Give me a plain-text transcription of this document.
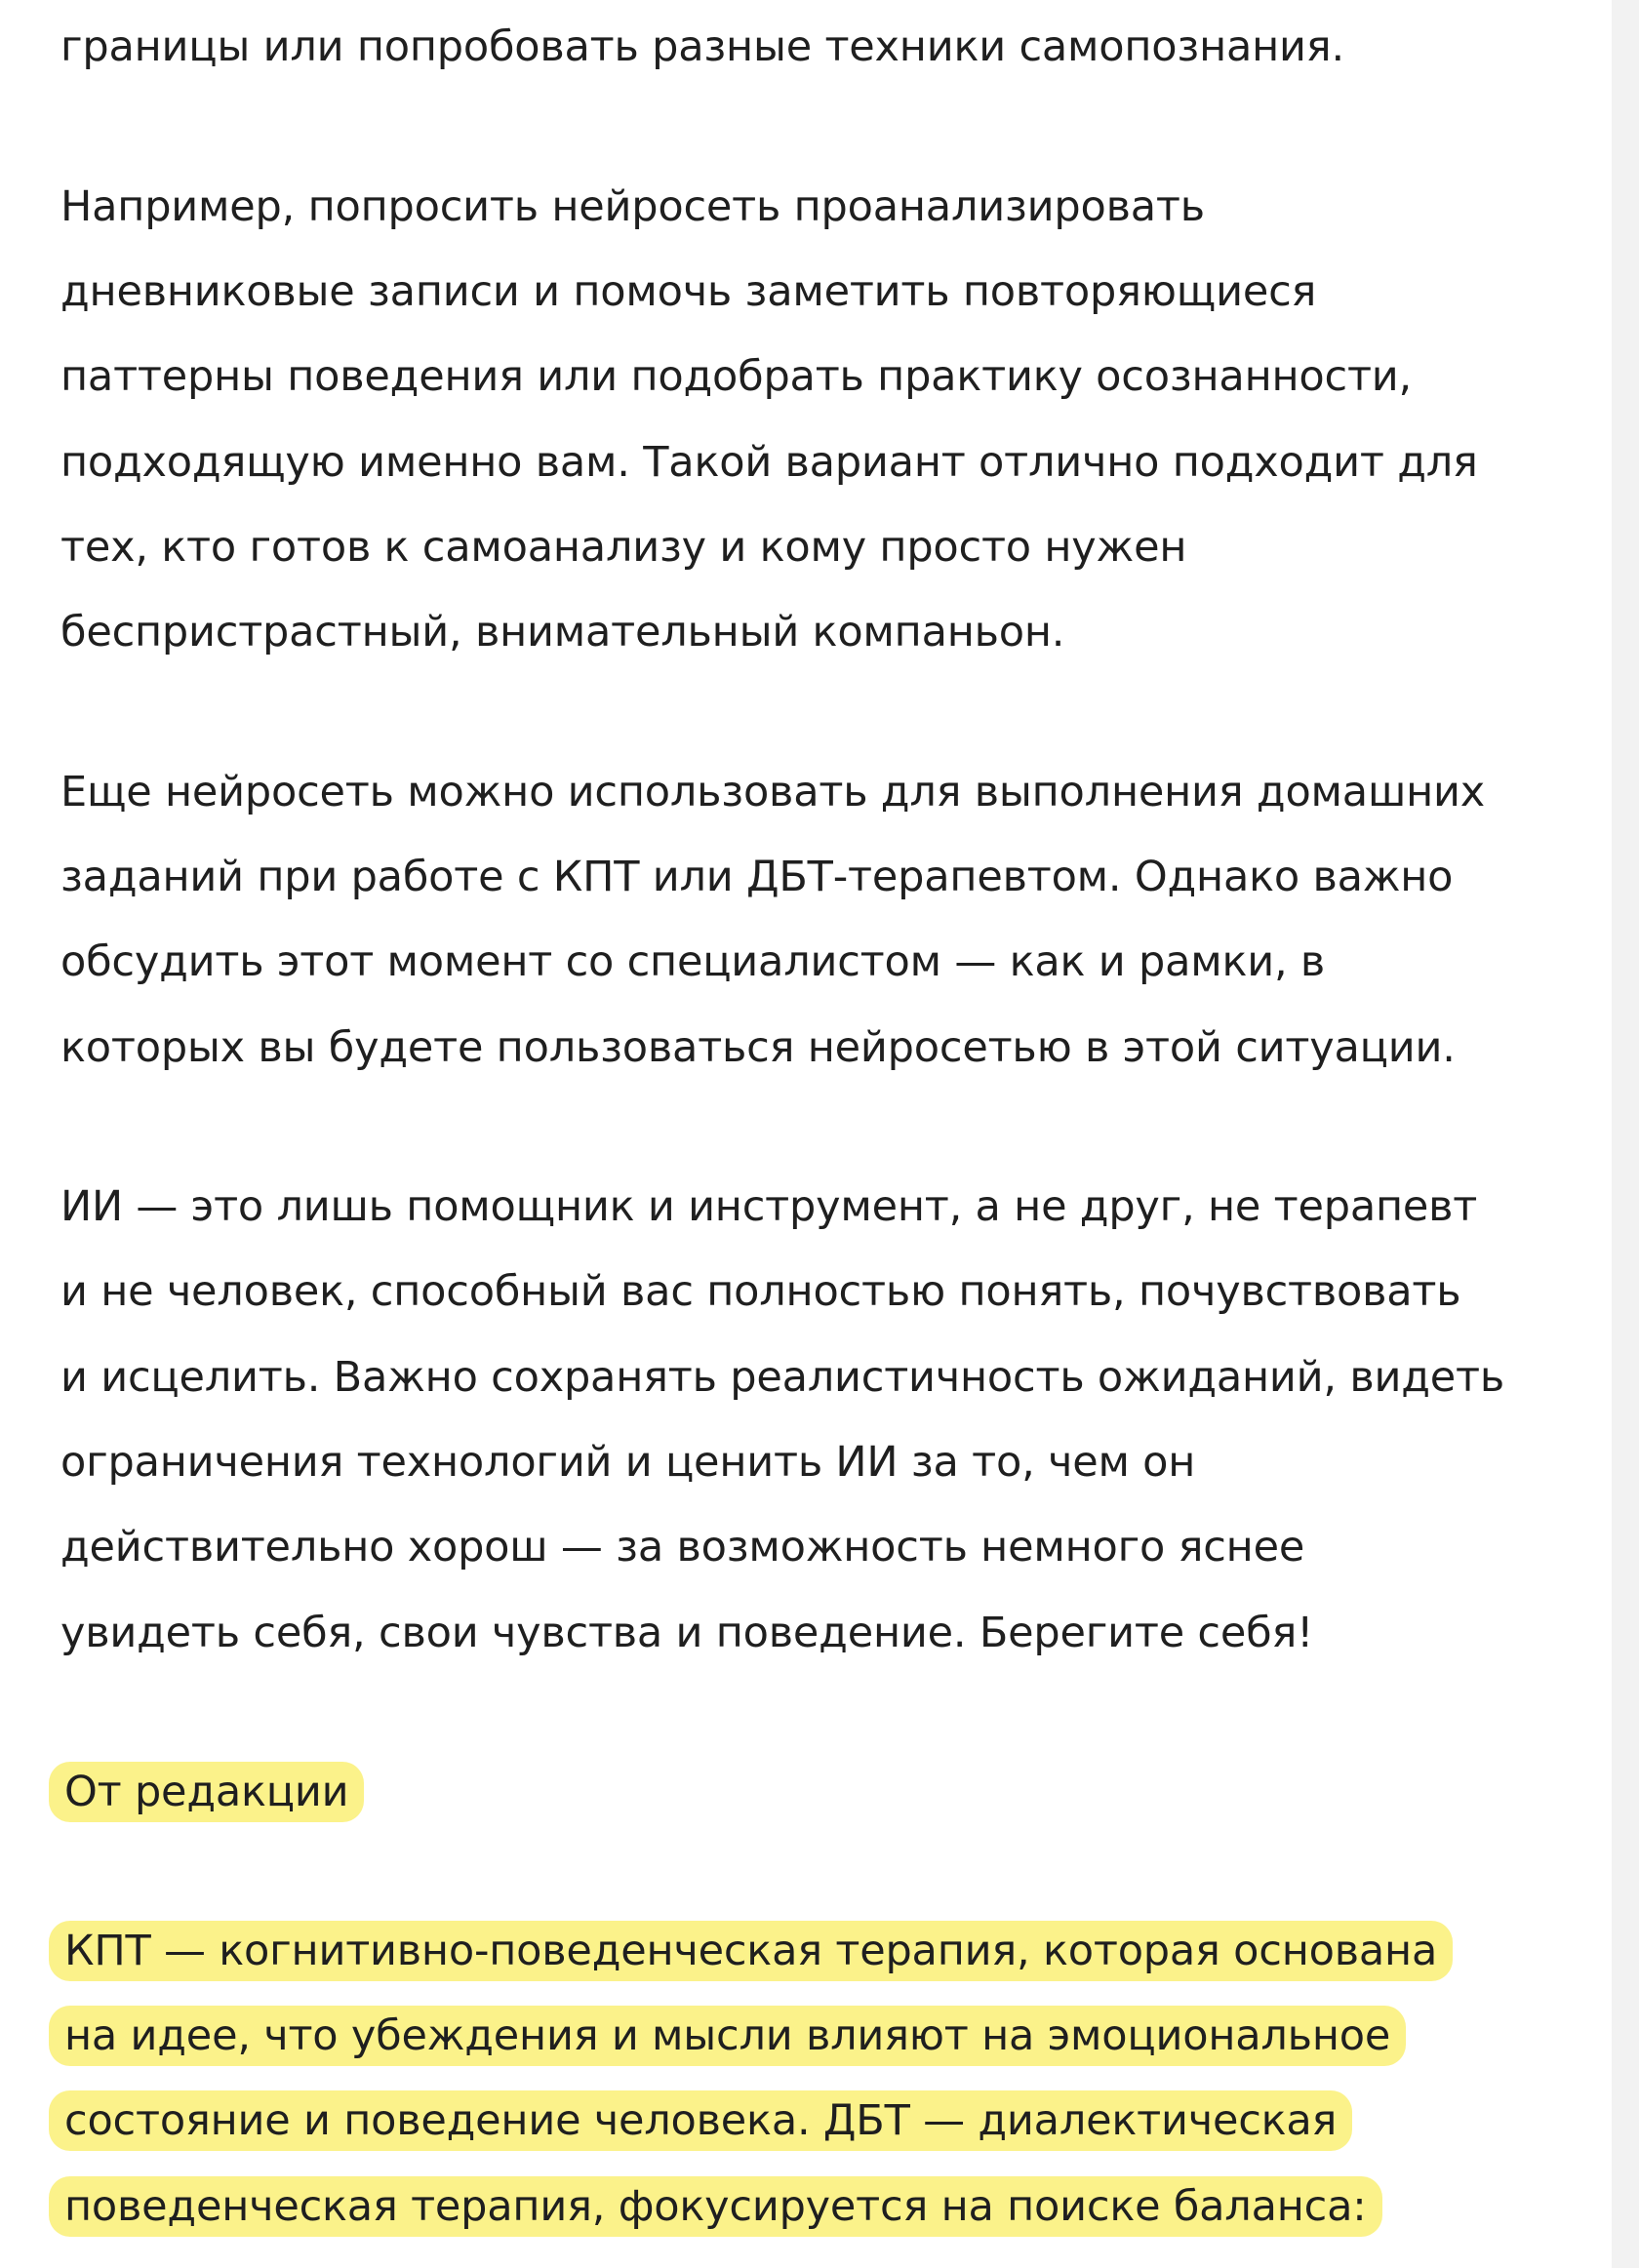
границы или попробовать разные техники самопознания.
Например, попросить нейросеть проанализировать
дневниковые записи и помочь заметить повторяющиеся
паттерны поведения или подобрать практику осознанности,
подходящую именно вам. Такой вариант отлично подходит для
тех, кто готов к самоанализу и кому просто нужен
беспристрастный, внимательный компаньон.
Еще нейросеть можно использовать для выполнения домашних
заданий при работе с КПТ или ДБТ-терапевтом. Однако важно
обсудить этот момент со специалистом — как и рамки, в
которых вы будете пользоваться нейросетью в этой ситуации.
ИИ — это лишь помощник и инструмент, а не друг, не терапевт
и не человек, способный вас полностью понять, почувствовать
и исцелить. Важно сохранять реалистичность ожиданий, видеть
ограничения технологий и ценить ИИ за то, чем он
действительно хорош — за возможность немного яснее
увидеть себя, свои чувства и поведение. Берегите себя!
От редакции
КПТ — когнитивно-поведенческая терапия, которая основана
на идее, что убеждения и мысли влияют на эмоциональное
состояние и поведение человека. ДБТ — диалектическая
поведенческая терапия, фокусируется на поиске баланса:
